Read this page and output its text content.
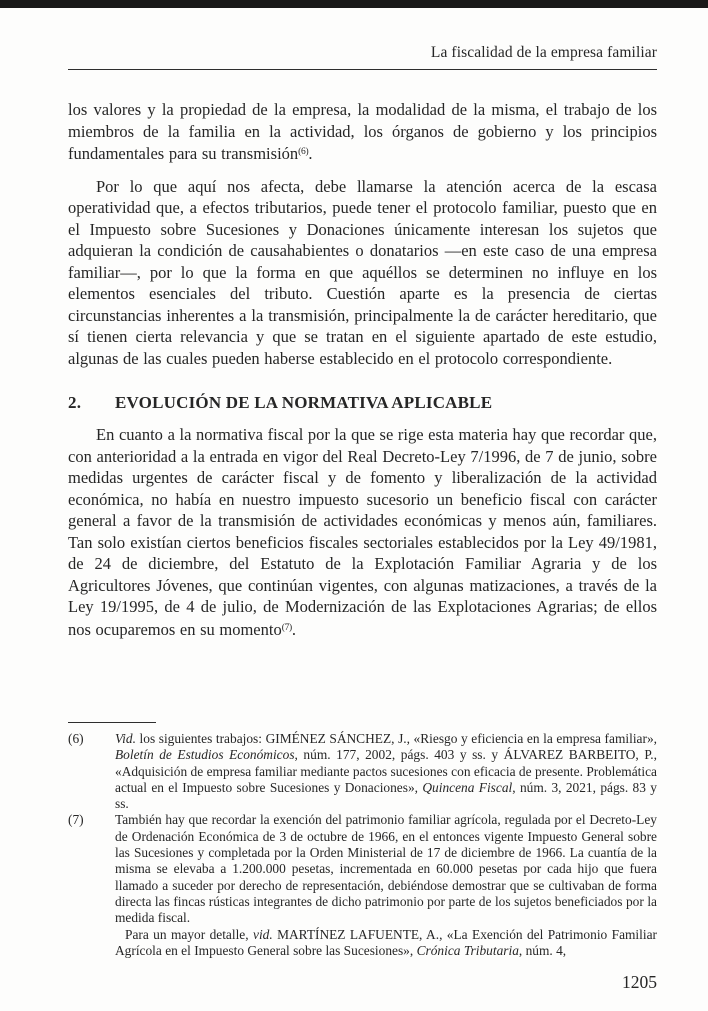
La fiscalidad de la empresa familiar

los valores y la propiedad de la empresa, la modalidad de la misma, el trabajo de los miembros de la familia en la actividad, los órganos de gobierno y los principios fundamentales para su transmisión$^{(6)}$.

Por lo que aquí nos afecta, debe llamarse la atención acerca de la escasa operatividad que, a efectos tributarios, puede tener el protocolo familiar, puesto que en el Impuesto sobre Sucesiones y Donaciones únicamente interesan los sujetos que adquieran la condición de causahabientes o donatarios —en este caso de una empresa familiar—, por lo que la forma en que aquéllos se determinen no influye en los elementos esenciales del tributo. Cuestión aparte es la presencia de ciertas circunstancias inherentes a la transmisión, principalmente la de carácter hereditario, que sí tienen cierta relevancia y que se tratan en el siguiente apartado de este estudio, algunas de las cuales pueden haberse establecido en el protocolo correspondiente.

2.	EVOLUCIÓN DE LA NORMATIVA APLICABLE

En cuanto a la normativa fiscal por la que se rige esta materia hay que recordar que, con anterioridad a la entrada en vigor del Real Decreto-Ley 7/1996, de 7 de junio, sobre medidas urgentes de carácter fiscal y de fomento y liberalización de la actividad económica, no había en nuestro impuesto sucesorio un beneficio fiscal con carácter general a favor de la transmisión de actividades económicas y menos aún, familiares. Tan solo existían ciertos beneficios fiscales sectoriales establecidos por la Ley 49/1981, de 24 de diciembre, del Estatuto de la Explotación Familiar Agraria y de los Agricultores Jóvenes, que continúan vigentes, con algunas matizaciones, a través de la Ley 19/1995, de 4 de julio, de Modernización de las Explotaciones Agrarias; de ellos nos ocuparemos en su momento$^{(7)}$.

(6)	Vid. los siguientes trabajos: GIMÉNEZ SÁNCHEZ, J., «Riesgo y eficiencia en la empresa familiar», Boletín de Estudios Económicos, núm. 177, 2002, págs. 403 y ss. y ÁLVAREZ BARBEITO, P., «Adquisición de empresa familiar mediante pactos sucesiones con eficacia de presente. Problemática actual en el Impuesto sobre Sucesiones y Donaciones», Quincena Fiscal, núm. 3, 2021, págs. 83 y ss.

(7)	También hay que recordar la exención del patrimonio familiar agrícola, regulada por el Decreto-Ley de Ordenación Económica de 3 de octubre de 1966, en el entonces vigente Impuesto General sobre las Sucesiones y completada por la Orden Ministerial de 17 de diciembre de 1966. La cuantía de la misma se elevaba a 1.200.000 pesetas, incrementada en 60.000 pesetas por cada hijo que fuera llamado a suceder por derecho de representación, debiéndose demostrar que se cultivaban de forma directa las fincas rústicas integrantes de dicho patrimonio por parte de los sujetos beneficiados por la medida fiscal.

Para un mayor detalle, vid. MARTÍNEZ LAFUENTE, A., «La Exención del Patrimonio Familiar Agrícola en el Impuesto General sobre las Sucesiones», Crónica Tributaria, núm. 4,

1205
